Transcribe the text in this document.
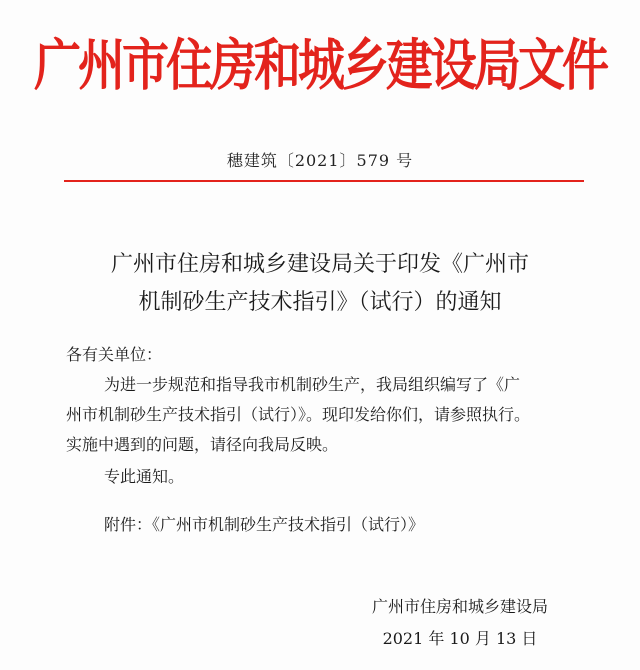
广州市住房和城乡建设局文件
穗建筑〔2021〕579 号
广州市住房和城乡建设局关于印发《广州市
机制砂生产技术指引》（试行）的通知
各有关单位：
为进一步规范和指导我市机制砂生产，我局组织编写了《广
州市机制砂生产技术指引（试行）》。现印发给你们，请参照执行。
实施中遇到的问题，请径向我局反映。
专此通知。
附件：《广州市机制砂生产技术指引（试行）》
广州市住房和城乡建设局
2021 年 10 月 13 日
